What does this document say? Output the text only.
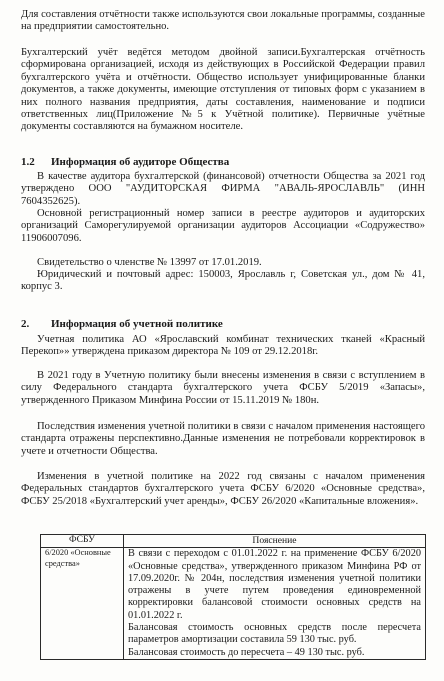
Для составления отчётности также используются свои локальные программы, созданные на предприятии самостоятельно.

Бухгалтерский учёт ведётся методом двойной записи.Бухгалтерская отчётность сформирована организацией, исходя из действующих в Российской Федерации правил бухгалтерского учёта и отчётности. Общество использует унифицированные бланки документов, а также документы, имеющие отступления от типовых форм с указанием в них полного названия предприятия, даты составления, наименование и подписи ответственных лиц(Приложение №5 к Учётной политике). Первичные учётные документы составляются на бумажном носителе.

1.2 Информация об аудиторе Общества

В качестве аудитора бухгалтерской (финансовой) отчетности Общества за 2021 год утверждено ООО "АУДИТОРСКАЯ ФИРМА "АВАЛЬ-ЯРОСЛАВЛЬ" (ИНН 7604352625).

Основной регистрационный номер записи в реестре аудиторов и аудиторских организаций Саморегулируемой организации аудиторов Ассоциации «Содружество» 11906007096.

Свидетельство о членстве № 13997 от 17.01.2019.

Юридический и почтовый адрес: 150003, Ярославль г, Советская ул., дом № 41, корпус 3.

2. Информация об учетной политике

Учетная политика АО «Ярославский комбинат технических тканей «Красный Перекоп»» утверждена приказом директора № 109 от 29.12.2018г.

В 2021 году в Учетную политику были внесены изменения в связи с вступлением в силу Федерального стандарта бухгалтерского учета ФСБУ 5/2019 «Запасы», утвержденного Приказом Минфина России от 15.11.2019 № 180н.

Последствия изменения учетной политики в связи с началом применения настоящего стандарта отражены перспективно.Данные изменения не потребовали корректировок в учете и отчетности Общества.

Изменения в учетной политике на 2022 год связаны с началом применения Федеральных стандартов бухгалтерского учета ФСБУ 6/2020 «Основные средства», ФСБУ 25/2018 «Бухгалтерский учет аренды», ФСБУ 26/2020 «Капитальные вложения».

ФСБУ	Пояснение
6/2020 «Основные средства»	В связи с переходом с 01.01.2022 г. на применение ФСБУ 6/2020 «Основные средства», утвержденного приказом Минфина РФ от 17.09.2020г. № 204н, последствия изменения учетной политики отражены в учете путем проведения единовременной корректировки балансовой стоимости основных средств на 01.01.2022 г.

Балансовая стоимость основных средств после пересчета параметров амортизации составила 59 130 тыс. руб.

Балансовая стоимость до пересчета – 49 130 тыс. руб.
